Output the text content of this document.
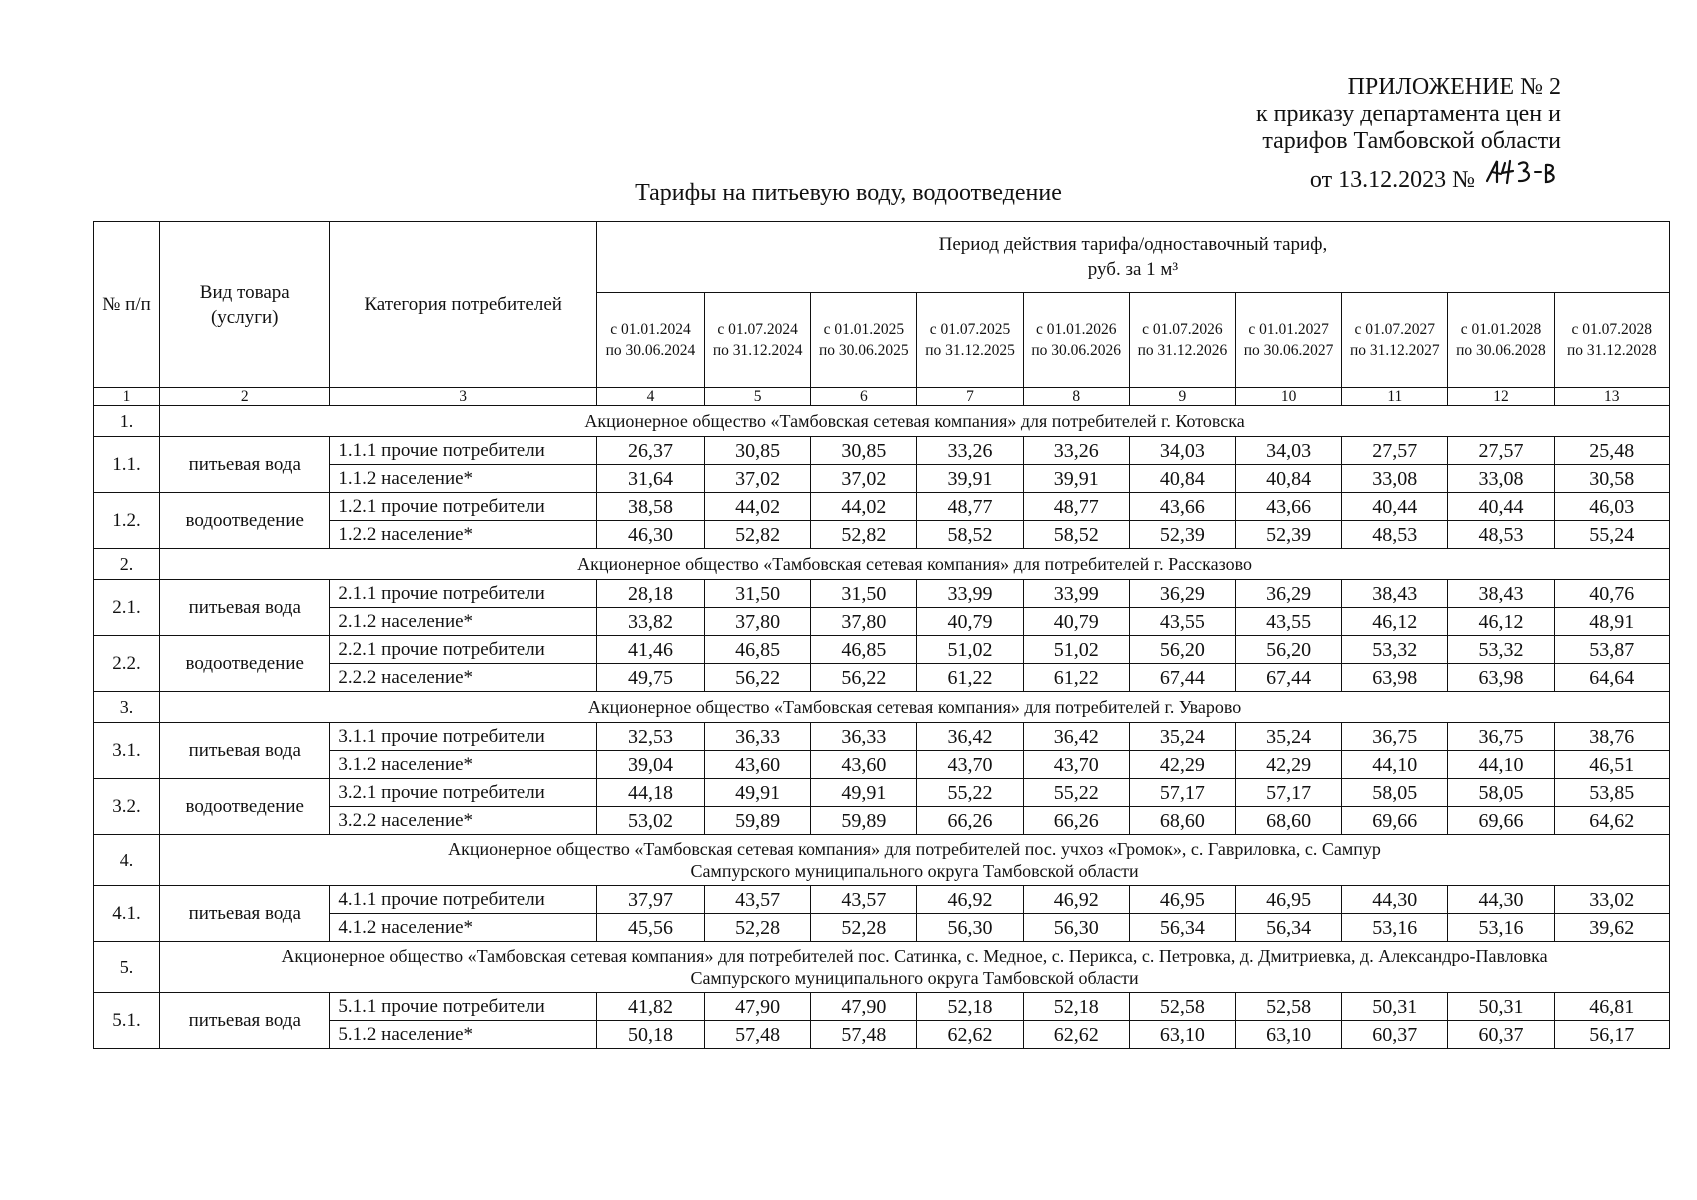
ПРИЛОЖЕНИЕ № 2
к приказу департамента цен и
тарифов Тамбовской области
от 13.12.2023 №
Тарифы на питьевую воду, водоотведение
№ п/п	Вид товара (услуги)	Категория потребителей	Период действия тарифа/одноставочный тариф,
руб. за 1 м³									

			с 01.01.2024
по 30.06.2024	с 01.07.2024
по 31.12.2024	с 01.01.2025
по 30.06.2025	с 01.07.2025
по 31.12.2025	с 01.01.2026
по 30.06.2026	с 01.07.2026
по 31.12.2026	с 01.01.2027
по 30.06.2027	с 01.07.2027
по 31.12.2027	с 01.01.2028
по 30.06.2028	с 01.07.2028
по 31.12.2028

1	2	3	4	5	6	7	8	9	10	11	12	13
1.	Акционерное общество «Тамбовская сетевая компания» для потребителей г. Котовска											

1.1.	питьевая вода	1.1.1 прочие потребители	26,37	30,85	30,85	33,26	33,26	34,03	34,03	27,57	27,57	25,48
		1.1.2 население*	31,64	37,02	37,02	39,91	39,91	40,84	40,84	33,08	33,08	30,58
1.2.	водоотведение	1.2.1 прочие потребители	38,58	44,02	44,02	48,77	48,77	43,66	43,66	40,44	40,44	46,03
		1.2.2 население*	46,30	52,82	52,82	58,52	58,52	52,39	52,39	48,53	48,53	55,24
2.	Акционерное общество «Тамбовская сетевая компания» для потребителей г. Рассказово											

2.1.	питьевая вода	2.1.1 прочие потребители	28,18	31,50	31,50	33,99	33,99	36,29	36,29	38,43	38,43	40,76
		2.1.2 население*	33,82	37,80	37,80	40,79	40,79	43,55	43,55	46,12	46,12	48,91
2.2.	водоотведение	2.2.1 прочие потребители	41,46	46,85	46,85	51,02	51,02	56,20	56,20	53,32	53,32	53,87
		2.2.2 население*	49,75	56,22	56,22	61,22	61,22	67,44	67,44	63,98	63,98	64,64
3.	Акционерное общество «Тамбовская сетевая компания» для потребителей г. Уварово											

3.1.	питьевая вода	3.1.1 прочие потребители	32,53	36,33	36,33	36,42	36,42	35,24	35,24	36,75	36,75	38,76
		3.1.2 население*	39,04	43,60	43,60	43,70	43,70	42,29	42,29	44,10	44,10	46,51
3.2.	водоотведение	3.2.1 прочие потребители	44,18	49,91	49,91	55,22	55,22	57,17	57,17	58,05	58,05	53,85
		3.2.2 население*	53,02	59,89	59,89	66,26	66,26	68,60	68,60	69,66	69,66	64,62
4.	Акционерное общество «Тамбовская сетевая компания» для потребителей пос. учхоз «Громок», с. Гавриловка, с. Сампур
Сампурского муниципального округа Тамбовской области											

4.1.	питьевая вода	4.1.1 прочие потребители	37,97	43,57	43,57	46,92	46,92	46,95	46,95	44,30	44,30	33,02
		4.1.2 население*	45,56	52,28	52,28	56,30	56,30	56,34	56,34	53,16	53,16	39,62
5.	Акционерное общество «Тамбовская сетевая компания» для потребителей пос. Сатинка, с. Медное, с. Перикса, с. Петровка, д. Дмитриевка, д. Александро-Павловка
Сампурского муниципального округа Тамбовской области											

5.1.	питьевая вода	5.1.1 прочие потребители	41,82	47,90	47,90	52,18	52,18	52,58	52,58	50,31	50,31	46,81
		5.1.2 население*	50,18	57,48	57,48	62,62	62,62	63,10	63,10	60,37	60,37	56,17
